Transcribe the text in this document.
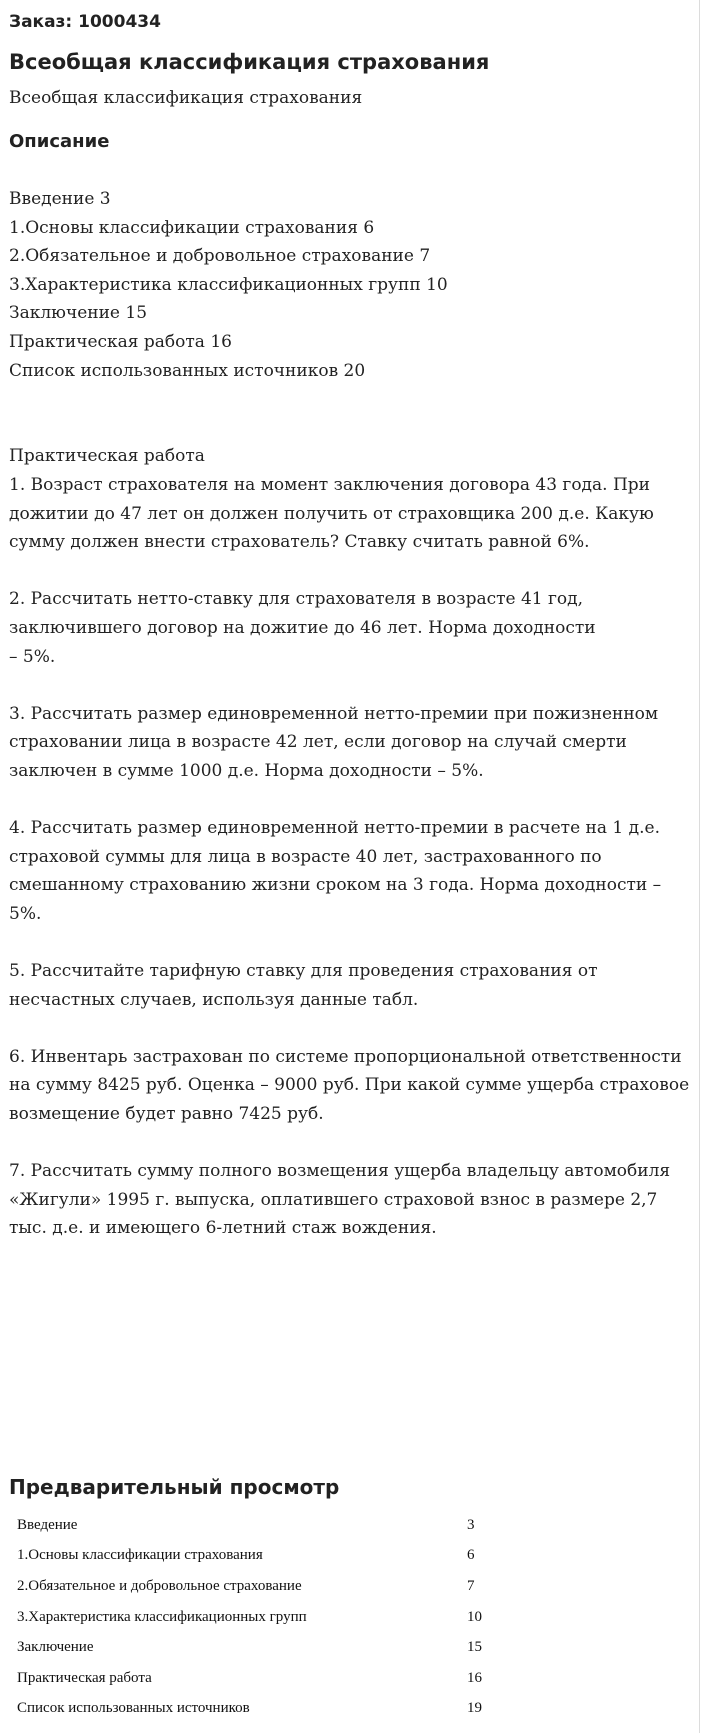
Заказ: 1000434

Всеобщая классификация страхования

Всеобщая классификация страхования

Описание
Введение 3
1.Основы классификации страхования 6
2.Обязательное и добровольное страхование 7
3.Характеристика классификационных групп 10
Заключение 15
Практическая работа 16
Список использованных источников 20

Практическая работа
1. Возраст страхователя на момент заключения договора 43 года. При дожитии до 47 лет он должен получить от страховщика 200 д.е. Какую сумму должен внести страхователь? Ставку считать равной 6%.

2. Рассчитать нетто-ставку для страхователя в возрасте 41 год, заключившего договор на дожитие до 46 лет. Норма доходности
– 5%.

3. Рассчитать размер единовременной нетто-премии при пожизненном страховании лица в возрасте 42 лет, если договор на случай смерти заключен в сумме 1000 д.е. Норма доходности – 5%.

4. Рассчитать размер единовременной нетто-премии в расчете на 1 д.е. страховой суммы для лица в возрасте 40 лет, застрахованного по смешанному страхованию жизни сроком на 3 года. Норма доходности – 5%.

5. Рассчитайте тарифную ставку для проведения страхования от несчастных случаев, используя данные табл.

6. Инвентарь застрахован по системе пропорциональной ответственности на сумму 8425 руб. Оценка – 9000 руб. При какой сумме ущерба страховое возмещение будет равно 7425 руб.

7. Рассчитать сумму полного возмещения ущерба владельцу автомобиля «Жигули» 1995 г. выпуска, оплатившего страховой взнос в размере 2,7 тыс. д.е. и имеющего 6-летний стаж вождения.
Предварительный просмотр
Введение	3
1.Основы классификации страхования	6
2.Обязательное и добровольное страхование	7
3.Характеристика классификационных групп	10
Заключение	15
Практическая работа	16
Список использованных источников	19
